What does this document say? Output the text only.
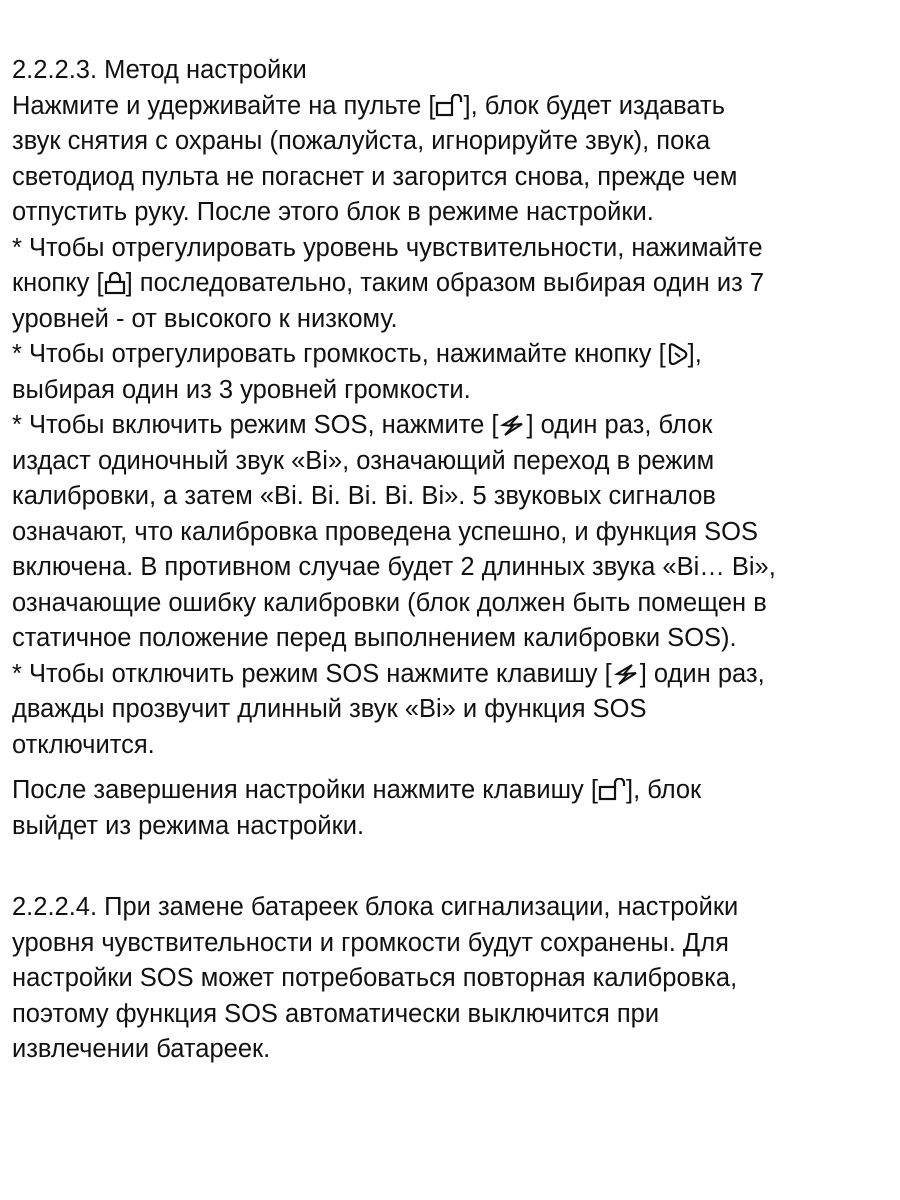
2.2.2.3. Метод настройки
Нажмите и удерживайте на пульте [ ], блок будет издавать
звук снятия с охраны (пожалуйста, игнорируйте звук), пока
светодиод пульта не погаснет и загорится снова, прежде чем
отпустить руку. После этого блок в режиме настройки.
* Чтобы отрегулировать уровень чувствительности, нажимайте
кнопку [ ] последовательно, таким образом выбирая один из 7
уровней - от высокого к низкому.
* Чтобы отрегулировать громкость, нажимайте кнопку [ ],
выбирая один из 3 уровней громкости.
* Чтобы включить режим SOS, нажмите [ ] один раз, блок
издаст одиночный звук «Bi», означающий переход в режим
калибровки, а затем «Bi. Bi. Bi. Bi. Bi». 5 звуковых сигналов
означают, что калибровка проведена успешно, и функция SOS
включена. В противном случае будет 2 длинных звука «Bi… Bi»,
означающие ошибку калибровки (блок должен быть помещен в
статичное положение перед выполнением калибровки SOS).
* Чтобы отключить режим SOS нажмите клавишу [ ] один раз,
дважды прозвучит длинный звук «Bi» и функция SOS
отключится.
После завершения настройки нажмите клавишу [ ], блок
выйдет из режима настройки.
2.2.2.4. При замене батареек блока сигнализации, настройки
уровня чувствительности и громкости будут сохранены. Для
настройки SOS может потребоваться повторная калибровка,
поэтому функция SOS автоматически выключится при
извлечении батареек.
